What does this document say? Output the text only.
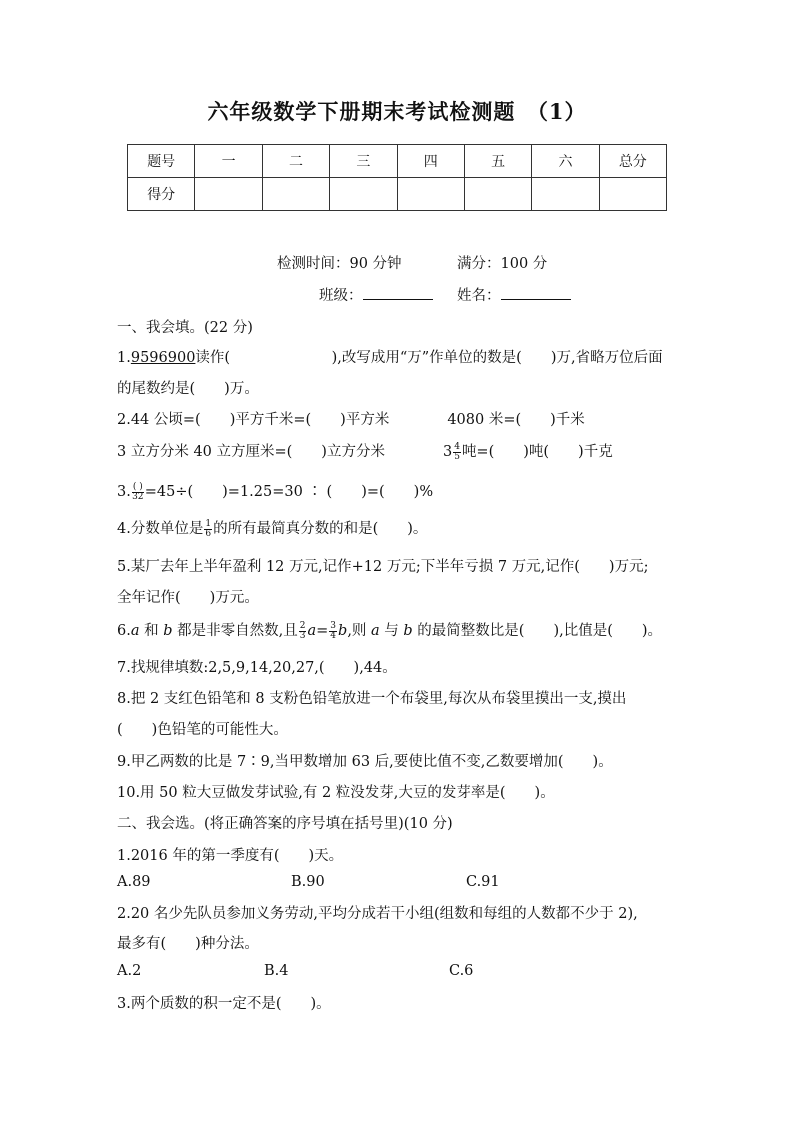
六年级数学下册期末考试检测题　（1）
题号	一	二	三	四	五	六	总分
得分							
检测时间：90 分钟	满分：100 分
班级：	姓名：
一、我会填。(22 分)
1.9596900读作(　　　　　　　),改写成用“万”作单位的数是(　　)万,省略万位后面
的尾数约是(　　)万。
2.44 公顷=(　　)平方千米=(　　)平方米　　　　4080 米=(　　)千米
3 立方分米 40 立方厘米=(　　)立方分米　　　　$3 \frac{4}{5}$ 吨=(　　)吨(　　)千克
3. $\frac{( )}{32} =45\div$(　　)=1.25=30 ∶ (　　)=(　　)%
4.分数单位是 $\frac{1}{6}$ 的所有最简真分数的和是(　　)。
5.某厂去年上半年盈利 12 万元,记作+12 万元;下半年亏损 7 万元,记作(　　)万元;
全年记作(　　)万元。
6.a 和 b 都是非零自然数,且 $\frac{2}{3} a= \frac{3}{4} b$,则 a 与 b 的最简整数比是(　　),比值是(　　)。
7.找规律填数:2,5,9,14,20,27,(　　),44。
8.把 2 支红色铅笔和 8 支粉色铅笔放进一个布袋里,每次从布袋里摸出一支,摸出
(　　)色铅笔的可能性大。
9.甲乙两数的比是 7∶9,当甲数增加 63 后,要使比值不变,乙数要增加(　　)。
10.用 50 粒大豆做发芽试验,有 2 粒没发芽,大豆的发芽率是(　　)。
二、我会选。(将正确答案的序号填在括号里)(10 分)
1.2016 年的第一季度有(　　)天。
A.89	B.90	C.91
2.20 名少先队员参加义务劳动,平均分成若干小组(组数和每组的人数都不少于 2),
最多有(　　)种分法。
A.2	B.4	C.6
3.两个质数的积一定不是(　　)。
